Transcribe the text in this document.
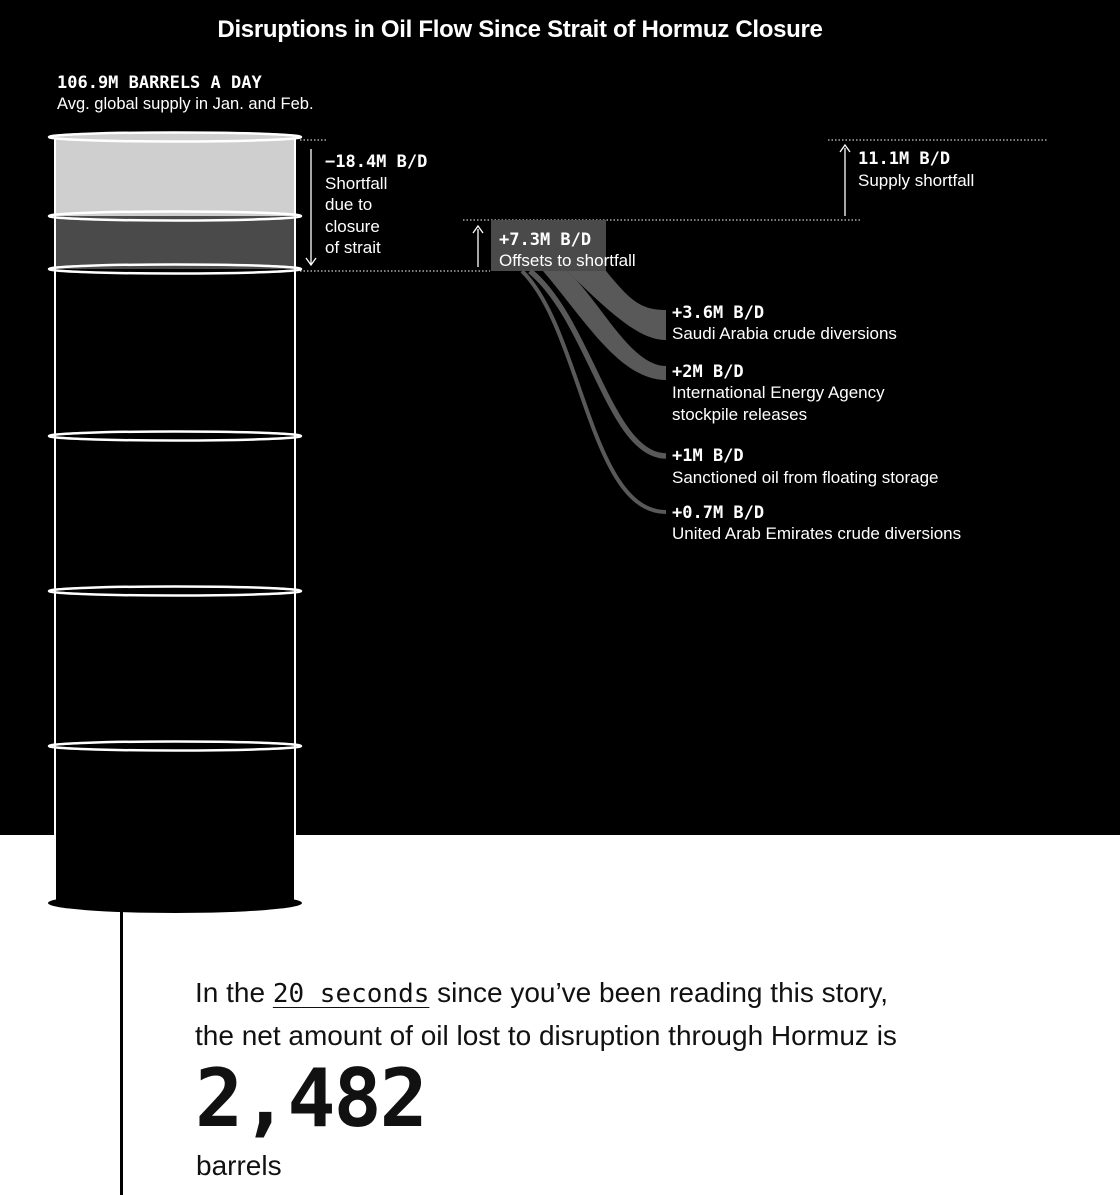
Disruptions in Oil Flow Since Strait of Hormuz Closure
106.9M BARRELS A DAY
Avg. global supply in Jan. and Feb.
−18.4M B/D
Shortfall
due to
closure
of strait	+7.3M B/D
Offsets to shortfall
11.1M B/D
Supply shortfall
+3.6M B/D
Saudi Arabia crude diversions
+2M B/D
International Energy Agency
stockpile releases
+1M B/D
Sanctioned oil from floating storage
+0.7M B/D
United Arab Emirates crude diversions
In the 20 seconds since you’ve been reading this story,
the net amount of oil lost to disruption through Hormuz is
2,482
barrels
